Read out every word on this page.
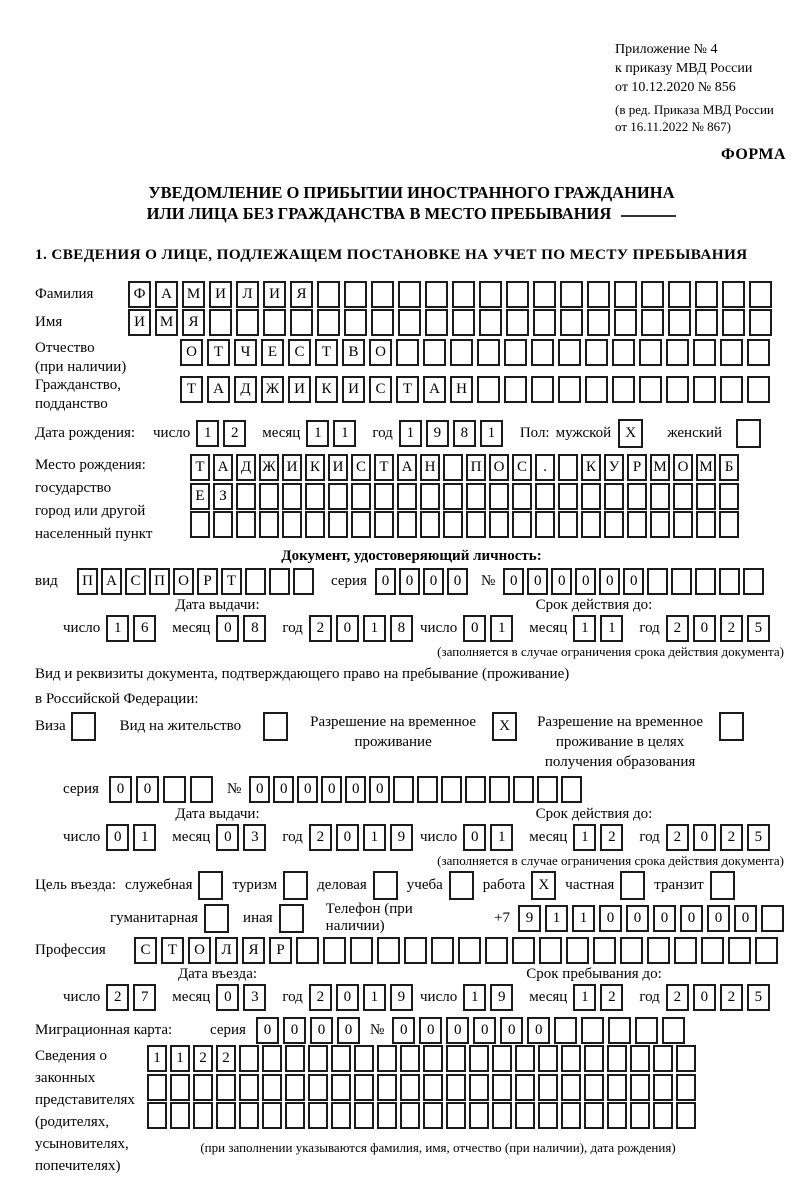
Приложение № 4
к приказу МВД России
от 10.12.2020 № 856
(в ред. Приказа МВД России
от 16.11.2022 № 867)
ФОРМА
УВЕДОМЛЕНИЕ О ПРИБЫТИИ ИНОСТРАННОГО ГРАЖДАНИНА
ИЛИ ЛИЦА БЕЗ ГРАЖДАНСТВА В МЕСТО ПРЕБЫВАНИЯ
1. СВЕДЕНИЯ О ЛИЦЕ, ПОДЛЕЖАЩЕМ ПОСТАНОВКЕ НА УЧЕТ ПО МЕСТУ ПРЕБЫВАНИЯ
Фамилия	Ф	А М И	Л	И	Я
Имя	И М	Я
Отчество
(при наличии)
О	Т	Ч	Е	С	Т	В	О
Гражданство,
подданство
Т	А	Д	Ж И	К	И	С	Т	А	Н
Дата рождения:	число 1	2	месяц 1	1	год 1	9	8	1	Пол: мужской X	женский
Место рождения:
государство
город или другой
населенный пункт
Т А Д Ж И К И С Т А Н	П О С	.	К У Р М О М Б
Е З
Документ, удостоверяющий личность:
вид	П А С П О Р	Т	серия 0	0	0	0	№ 0	0	0	0	0	0
Дата выдачи:	Срок действия до:
число 1	6	месяц 0	8	год 2	0	1	8 число 0	1	месяц 1	1	год 2	0	2	5
(заполняется в случае ограничения срока действия документа)
Вид и реквизиты документа, подтверждающего право на пребывание (проживание)
в Российской Федерации:
Виза	Вид на жительство	Разрешение на временное
проживание
X	Разрешение на временное
проживание в целях
получения образования
серия	0	0	№ 0	0	0	0	0	0
Дата выдачи:	Срок действия до:
число 0	1	месяц 0	3	год 2	0	1	9 число 0	1	месяц 1	2	год 2	0	2	5
(заполняется в случае ограничения срока действия документа)
Цель въезда: служебная	туризм	деловая	учеба	работа X	частная	транзит
гуманитарная	иная
Телефон (при наличии)
+7	9	1	1	0	0	0	0	0	0
Профессия	С	Т	О	Л	Я	Р
Дата въезда:	Срок пребывания до:
число 2	7	месяц 0	3	год 2	0	1	9 число 1	9	месяц 1	2	год 2	0	2	5
Миграционная карта:	серия	0	0	0	0	№	0	0	0	0	0	0
Сведения о
законных
представителях
(родителях,
усыновителях,
попечителях)
1	1	2	2
(при заполнении указываются фамилия, имя, отчество (при наличии), дата рождения)
